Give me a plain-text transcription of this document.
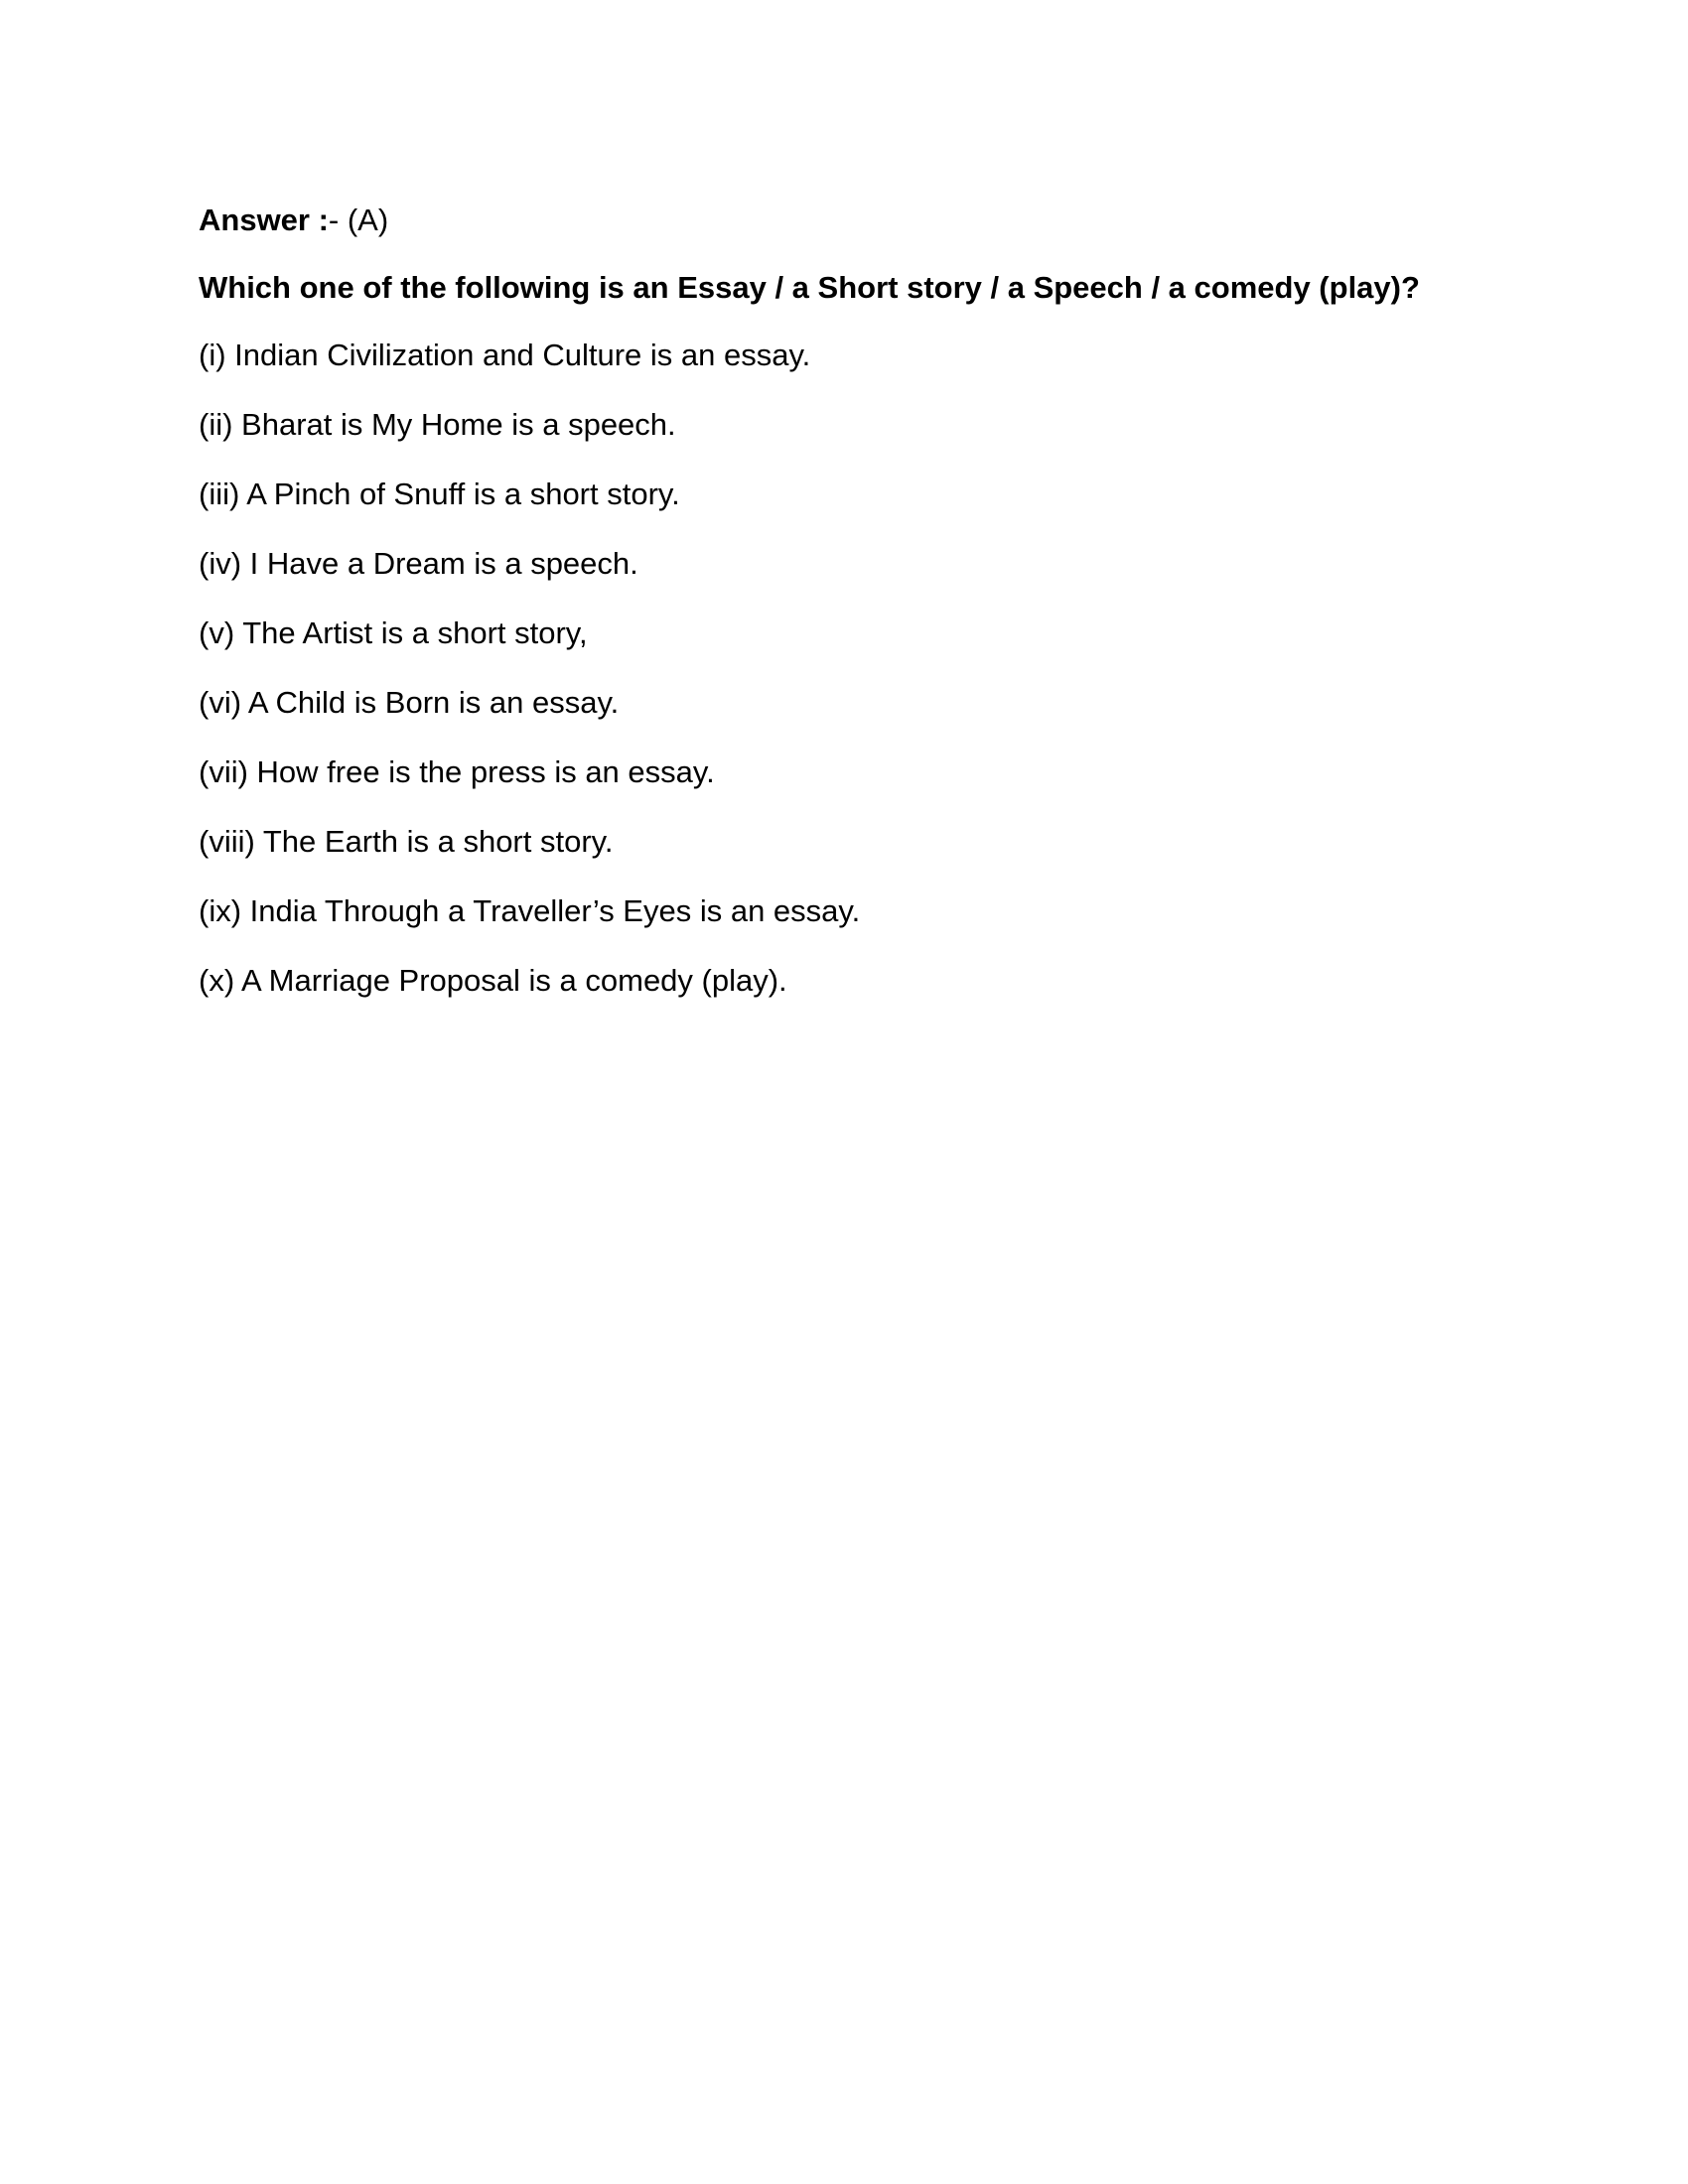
Answer :- (A)

Which one of the following is an Essay / a Short story / a Speech / a comedy (play)?

(i) Indian Civilization and Culture is an essay.
(ii) Bharat is My Home is a speech.
(iii) A Pinch of Snuff is a short story.
(iv) I Have a Dream is a speech.
(v) The Artist is a short story,
(vi) A Child is Born is an essay.
(vii) How free is the press is an essay.
(viii) The Earth is a short story.
(ix) India Through a Traveller’s Eyes is an essay.
(x) A Marriage Proposal is a comedy (play).
